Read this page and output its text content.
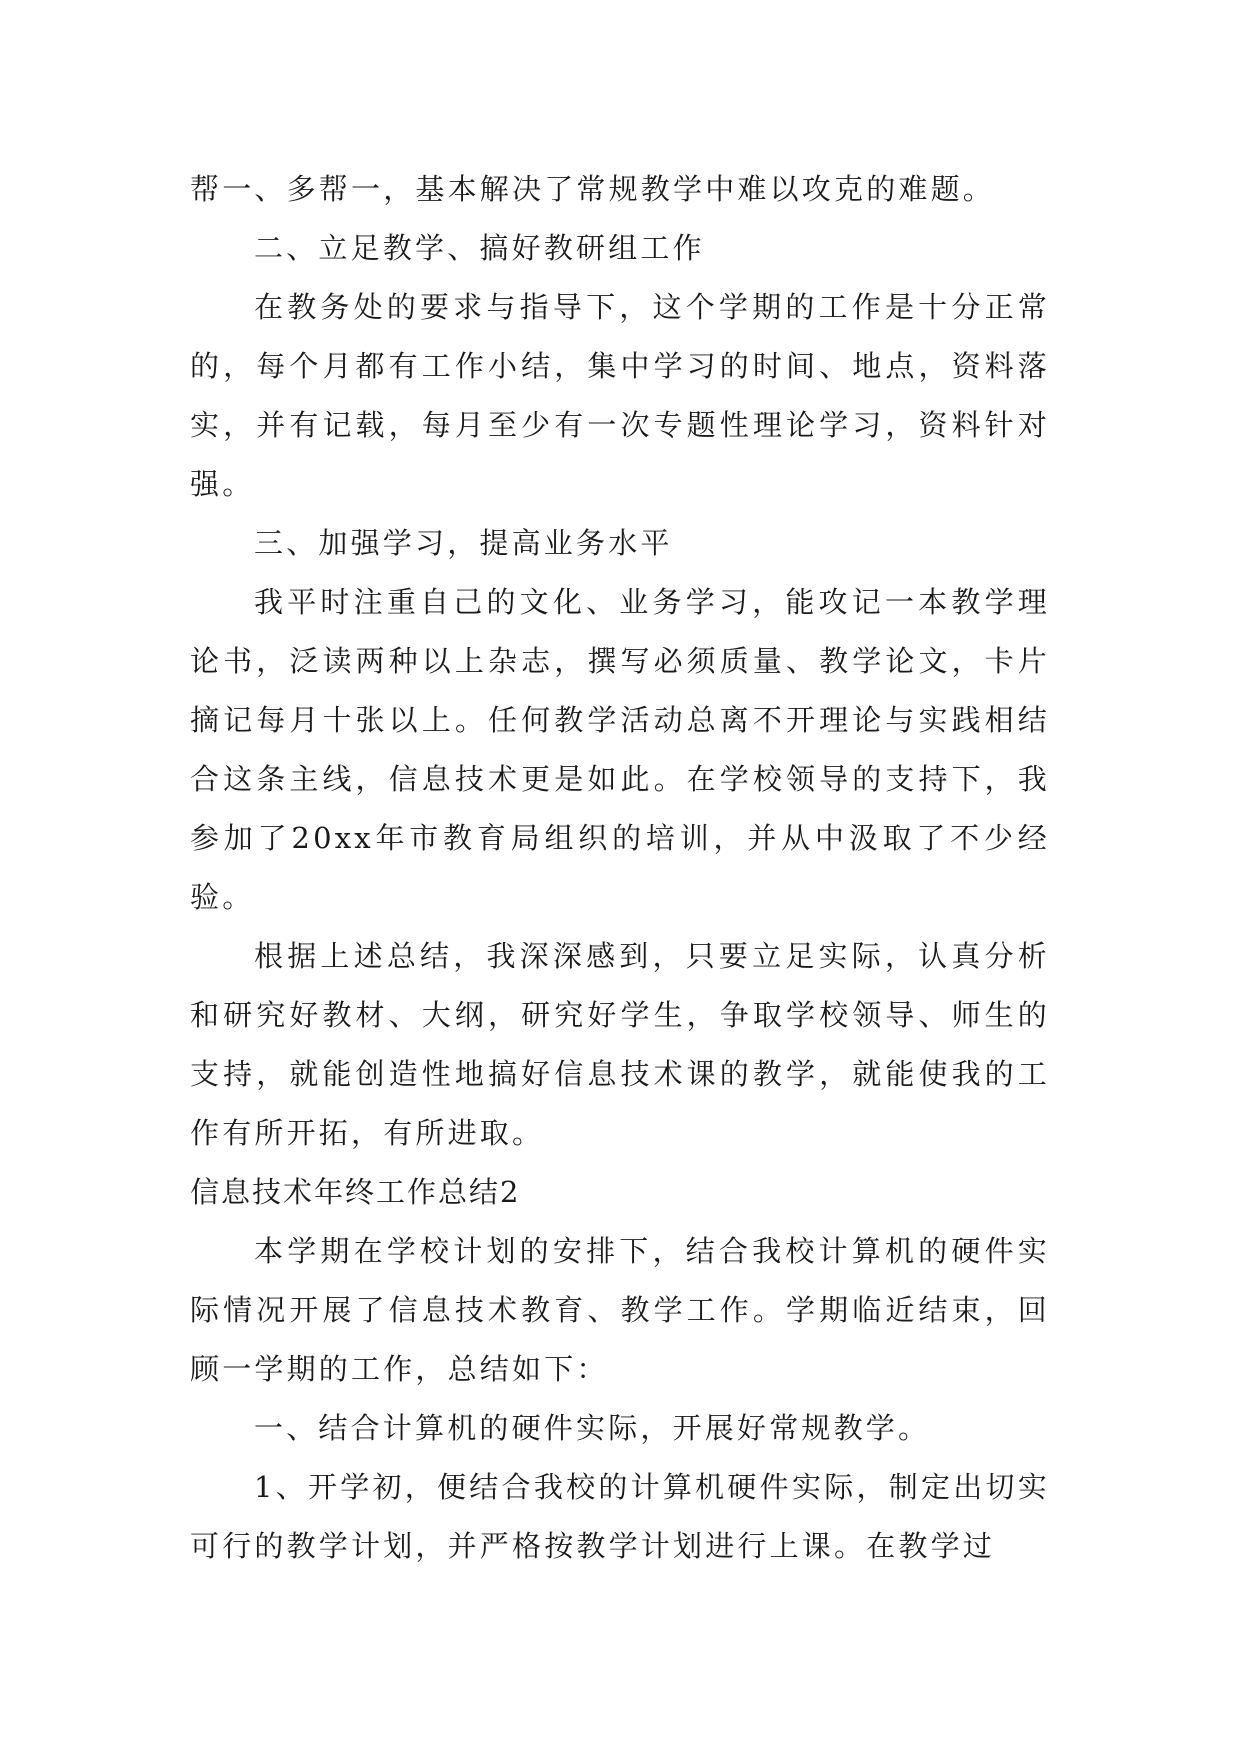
帮一、多帮一，基本解决了常规教学中难以攻克的难题。

二、立足教学、搞好教研组工作

在教务处的要求与指导下，这个学期的工作是十分正常的，每个月都有工作小结，集中学习的时间、地点，资料落实，并有记载，每月至少有一次专题性理论学习，资料针对强。

三、加强学习，提高业务水平

我平时注重自己的文化、业务学习，能攻记一本教学理论书，泛读两种以上杂志，撰写必须质量、教学论文，卡片摘记每月十张以上。任何教学活动总离不开理论与实践相结合这条主线，信息技术更是如此。在学校领导的支持下，我参加了20xx年市教育局组织的培训，并从中汲取了不少经验。

根据上述总结，我深深感到，只要立足实际，认真分析和研究好教材、大纲，研究好学生，争取学校领导、师生的支持，就能创造性地搞好信息技术课的教学，就能使我的工作有所开拓，有所进取。

信息技术年终工作总结2

本学期在学校计划的安排下，结合我校计算机的硬件实际情况开展了信息技术教育、教学工作。学期临近结束，回顾一学期的工作，总结如下：

一、结合计算机的硬件实际，开展好常规教学。

1、开学初，便结合我校的计算机硬件实际，制定出切实可行的教学计划，并严格按教学计划进行上课。在教学过
